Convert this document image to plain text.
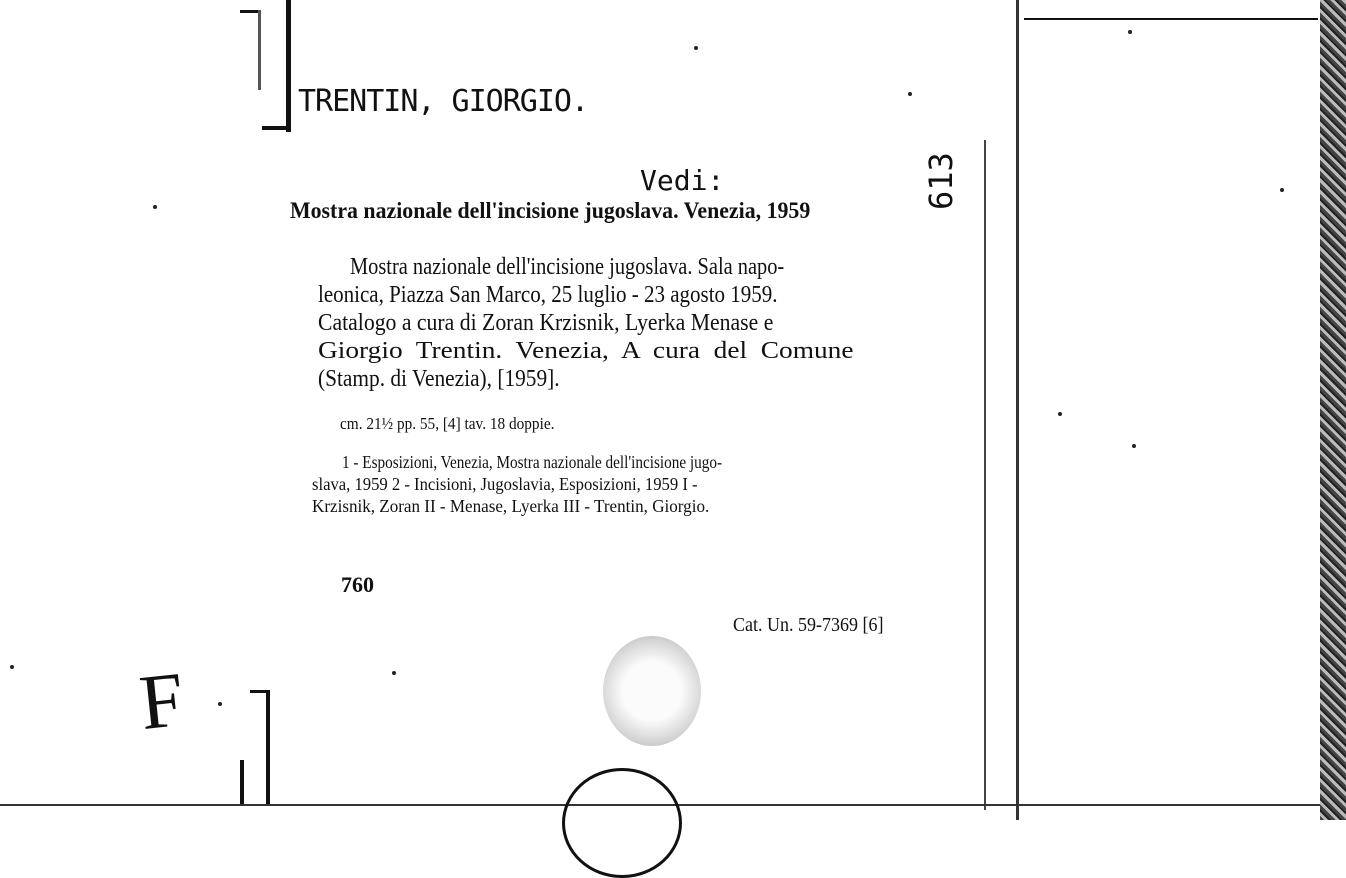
TRENTIN, GIORGIO.
Vedi:	613
Mostra nazionale dell'incisione jugoslava. Venezia, 1959
Mostra nazionale dell'incisione jugoslava. Sala napo-
leonica, Piazza San Marco, 25 luglio - 23 agosto 1959.
Catalogo a cura di Zoran Krzisnik, Lyerka Menase e
Giorgio Trentin. Venezia, A cura del Comune
(Stamp. di Venezia), [1959].
cm. 21½ pp. 55, [4] tav. 18 doppie.
1 - Esposizioni, Venezia, Mostra nazionale dell'incisione jugo-
slava, 1959 2 - Incisioni, Jugoslavia, Esposizioni, 1959 I -
Krzisnik, Zoran II - Menase, Lyerka III - Trentin, Giorgio.
760
Cat. Un. 59-7369 [6]
F
